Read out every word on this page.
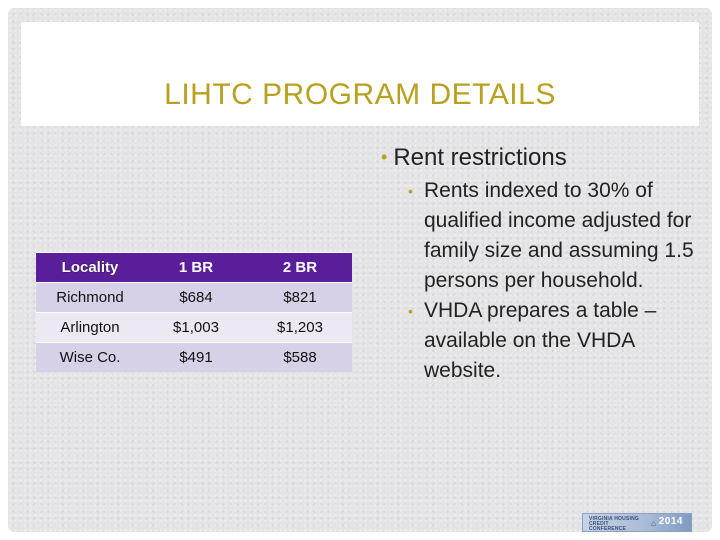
LIHTC PROGRAM DETAILS
Locality	1 BR	2 BR
Richmond	$684	$821
Arlington	$1,003	$1,203
Wise Co.	$491	$588
• Rent restrictions
• Rents indexed to 30% of qualified income adjusted for family size and assuming 1.5 persons per household.
• VHDA prepares a table – available on the VHDA website.
VIRGINIA HOUSING CREDIT CONFERENCE
⌂ 2014
